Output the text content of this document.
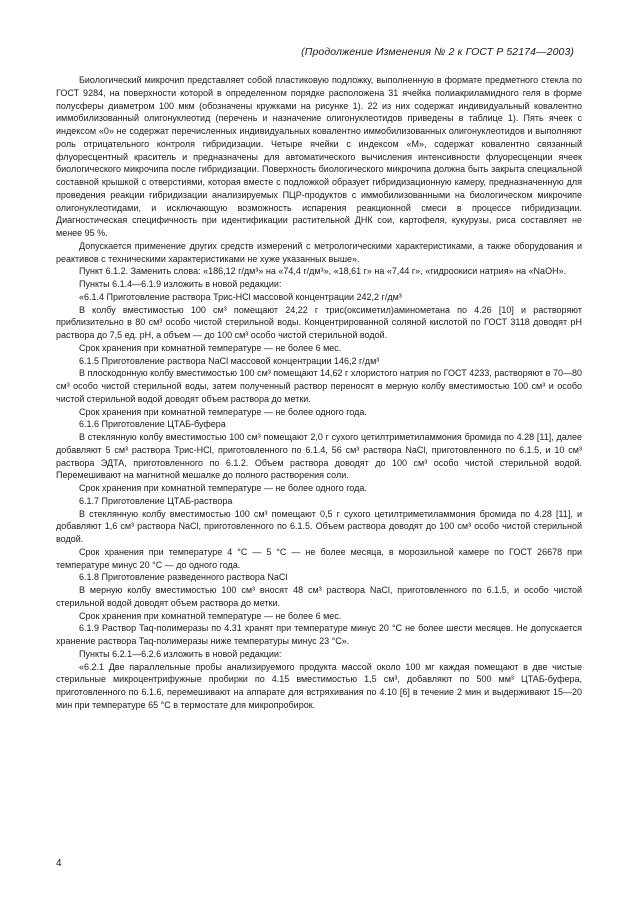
(Продолжение Изменения № 2 к ГОСТ Р 52174—2003)

Биологический микрочип представляет собой пластиковую подложку, выполненную в формате предметного стекла по ГОСТ 9284, на поверхности которой в определенном порядке расположена 31 ячейка полиакриламидного геля в форме полусферы диаметром 100 мкм (обозначены кружками на рисунке 1). 22 из них содержат индивидуальный ковалентно иммобилизованный олигонуклеотид (перечень и назначение олигонуклеотидов приведены в таблице 1). Пять ячеек с индексом «0» не содержат перечисленных индивидуальных ковалентно иммобилизованных олигонуклеотидов и выполняют роль отрицательного контроля гибридизации. Четыре ячейки с индексом «М», содержат ковалентно связанный флуоресцентный краситель и предназначены для автоматического вычисления интенсивности флуоресценции ячеек биологического микрочипа после гибридизации. Поверхность биологического микрочипа должна быть закрыта специальной составной крышкой с отверстиями, которая вместе с подложкой образует гибридизационную камеру, предназначенную для проведения реакции гибридизации анализируемых ПЦР-продуктов с иммобилизованными на биологическом микрочипе олигонуклеотидами, и исключающую возможность испарения реакционной смеси в процессе гибридизации. Диагностическая специфичность при идентификации растительной ДНК сои, картофеля, кукурузы, риса составляет не менее 95 %.

Допускается применение других средств измерений с метрологическими характеристиками, а также оборудования и реактивов с техническими характеристиками не хуже указанных выше».

Пункт 6.1.2. Заменить слова: «186,12 г/дм³» на «74,4 г/дм³», «18,61 г» на «7,44 г», «гидроокиси натрия» на «NaOH».

Пункты 6.1.4—6.1.9 изложить в новой редакции:

«6.1.4 Приготовление раствора Трис-HCl массовой концентрации 242,2 г/дм³

В колбу вместимостью 100 см³ помещают 24,22 г трис(оксиметил)аминометана по 4.26 [10] и растворяют приблизительно в 80 см³ особо чистой стерильной воды. Концентрированной соляной кислотой по ГОСТ 3118 доводят pH раствора до 7,5 ед. pH, а объем — до 100 см³ особо чистой стерильной водой.

Срок хранения при комнатной температуре — не более 6 мес.

6.1.5 Приготовление раствора NaCl массовой концентрации 146,2 г/дм³

В плоскодонную колбу вместимостью 100 см³ помещают 14,62 г хлористого натрия по ГОСТ 4233, растворяют в 70—80 см³ особо чистой стерильной воды, затем полученный раствор переносят в мерную колбу вместимостью 100 см³ и особо чистой стерильной водой доводят объем раствора до метки.

Срок хранения при комнатной температуре — не более одного года.

6.1.6 Приготовление ЦТАБ-буфера

В стеклянную колбу вместимостью 100 см³ помещают 2,0 г сухого цетилтриметиламмония бромида по 4.28 [11], далее добавляют 5 см³ раствора Трис-HCl, приготовленного по 6.1.4, 56 см³ раствора NaCl, приготовленного по 6.1.5, и 10 см³ раствора ЭДТА, приготовленного по 6.1.2. Объем раствора доводят до 100 см³ особо чистой стерильной водой. Перемешивают на магнитной мешалке до полного растворения соли.

Срок хранения при комнатной температуре — не более одного года.

6.1.7 Приготовление ЦТАБ-раствора

В стеклянную колбу вместимостью 100 см³ помещают 0,5 г сухого цетилтриметиламмония бромида по 4.28 [11], и добавляют 1,6 см³ раствора NaCl, приготовленного по 6.1.5. Объем раствора доводят до 100 см³ особо чистой стерильной водой.

Срок хранения при температуре 4 °С — 5 °С — не более месяца, в морозильной камере по ГОСТ 26678 при температуре минус 20 °С — до одного года.

6.1.8 Приготовление разведенного раствора NaCl

В мерную колбу вместимостью 100 см³ вносят 48 см³ раствора NaCl, приготовленного по 6.1.5, и особо чистой стерильной водой доводят объем раствора до метки.

Срок хранения при комнатной температуре — не более 6 мес.

6.1.9 Раствор Taq-полимеразы по 4.31 хранят при температуре минус 20 °С не более шести месяцев. Не допускается хранение раствора Taq-полимеразы ниже температуры минус 23 °С».

Пункты 6.2.1—6.2.6 изложить в новой редакции:

«6.2.1 Две параллельные пробы анализируемого продукта массой около 100 мг каждая помещают в две чистые стерильные микроцентрифужные пробирки по 4.15 вместимостью 1,5 см³, добавляют по 500 мм³ ЦТАБ-буфера, приготовленного по 6.1.6, перемешивают на аппарате для встряхивания по 4.10 [6] в течение 2 мин и выдерживают 15—20 мин при температуре 65 °С в термостате для микропробирок.

4
